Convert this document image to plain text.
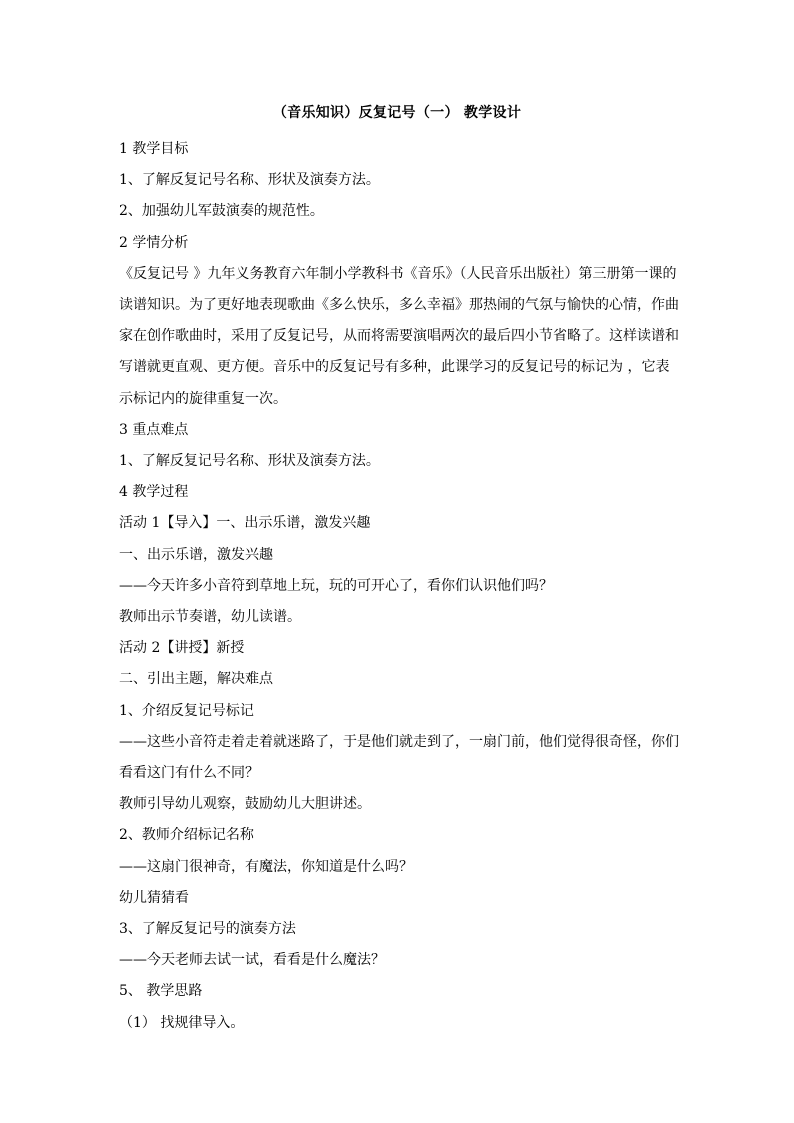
（音乐知识）反复记号（一） 教学设计

1 教学目标

1、了解反复记号名称、形状及演奏方法。

2、加强幼儿军鼓演奏的规范性。

2 学情分析

《反复记号 》九年义务教育六年制小学教科书《音乐》（人民音乐出版社）第三册第一课的读谱知识。为了更好地表现歌曲《多么快乐，多么幸福》那热闹的气氛与愉快的心情，作曲家在创作歌曲时，采用了反复记号，从而将需要演唱两次的最后四小节省略了。这样读谱和写谱就更直观、更方便。音乐中的反复记号有多种，此课学习的反复记号的标记为 ，它表示标记内的旋律重复一次。

3 重点难点

1、了解反复记号名称、形状及演奏方法。

4 教学过程

活动 1【导入】一、出示乐谱，激发兴趣

一、出示乐谱，激发兴趣

——今天许多小音符到草地上玩，玩的可开心了，看你们认识他们吗？

教师出示节奏谱，幼儿读谱。

活动 2【讲授】新授

二、引出主题，解决难点

1、介绍反复记号标记

——这些小音符走着走着就迷路了，于是他们就走到了，一扇门前，他们觉得很奇怪，你们看看这门有什么不同？

教师引导幼儿观察，鼓励幼儿大胆讲述。

2、教师介绍标记名称

——这扇门很神奇，有魔法，你知道是什么吗？

幼儿猜猜看

3、了解反复记号的演奏方法

——今天老师去试一试，看看是什么魔法？

5、 教学思路

（1） 找规律导入。
